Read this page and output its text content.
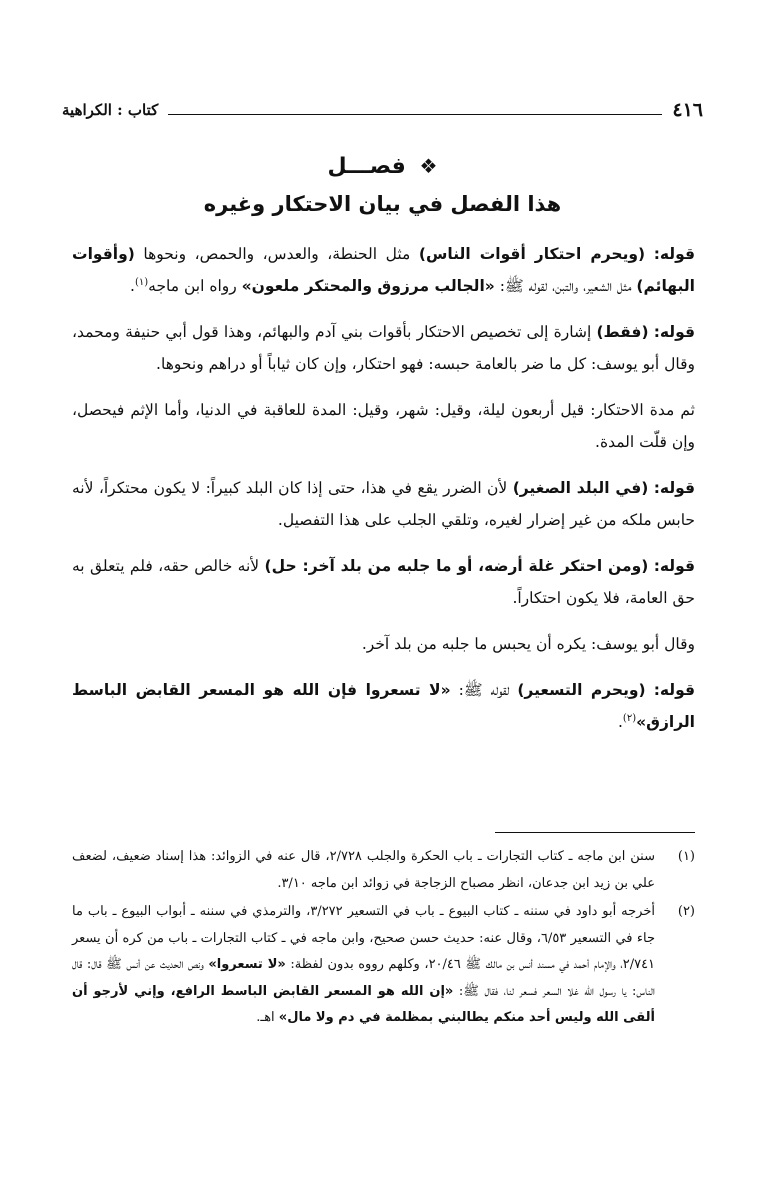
٤١٦
كتاب : الكراهية
❖ فصـــل
هذا الفصل في بيان الاحتكار وغيره

قوله: (ويحرم احتكار أقوات الناس) مثل الحنطة، والعدس، والحمص، ونحوها (وأقوات البهائم) مثل الشعير، والتبن، لقوله ﷺ: «الجالب مرزوق والمحتكر ملعون» رواه ابن ماجه$^{(١)}$.

قوله: (فقط) إشارة إلى تخصيص الاحتكار بأقوات بني آدم والبهائم، وهذا قول أبي حنيفة ومحمد، وقال أبو يوسف: كل ما ضر بالعامة حبسه: فهو احتكار، وإن كان ثياباً أو دراهم ونحوها.

ثم مدة الاحتكار: قيل أربعون ليلة، وقيل: شهر، وقيل: المدة للعاقبة في الدنيا، وأما الإثم فيحصل، وإن قلّت المدة.

قوله: (في البلد الصغير) لأن الضرر يقع في هذا، حتى إذا كان البلد كبيراً: لا يكون محتكراً، لأنه حابس ملكه من غير إضرار لغيره، وتلقي الجلب على هذا التفصيل.

قوله: (ومن احتكر غلة أرضه، أو ما جلبه من بلد آخر: حل) لأنه خالص حقه، فلم يتعلق به حق العامة، فلا يكون احتكاراً.

وقال أبو يوسف: يكره أن يحبس ما جلبه من بلد آخر.

قوله: (ويحرم التسعير) لقوله ﷺ: «لا تسعروا فإن الله هو المسعر القابض الباسط الرازق»$^{(٢)}$.

(١)
سنن ابن ماجه ـ كتاب التجارات ـ باب الحكرة والجلب ٢/٧٢٨، قال عنه في الزوائد: هذا إسناد ضعيف، لضعف علي بن زيد ابن جدعان، انظر مصباح الزجاجة في زوائد ابن ماجه ٣/١٠.
(٢)
أخرجه أبو داود في سننه ـ كتاب البيوع ـ باب في التسعير ٣/٢٧٢، والترمذي في سننه ـ أبواب البيوع ـ باب ما جاء في التسعير ٦/٥٣، وقال عنه: حديث حسن صحيح، وابن ماجه في ـ كتاب التجارات ـ باب من كره أن يسعر ٢/٧٤١، والإمام أحمد في مسند أنس بن مالك ﷺ ٢٠/٤٦، وكلهم رووه بدون لفظة: «لا تسعروا» ونص الحديث عن أنس ﷺ قال: قال الناس: يا رسول الله غلا السعر فسعر لنا، فقال ﷺ: «إن الله هو المسعر القابض الباسط الرافع، وإني لأرجو أن ألقى الله وليس أحد منكم يطالبني بمظلمة في دم ولا مال» اهـ.
